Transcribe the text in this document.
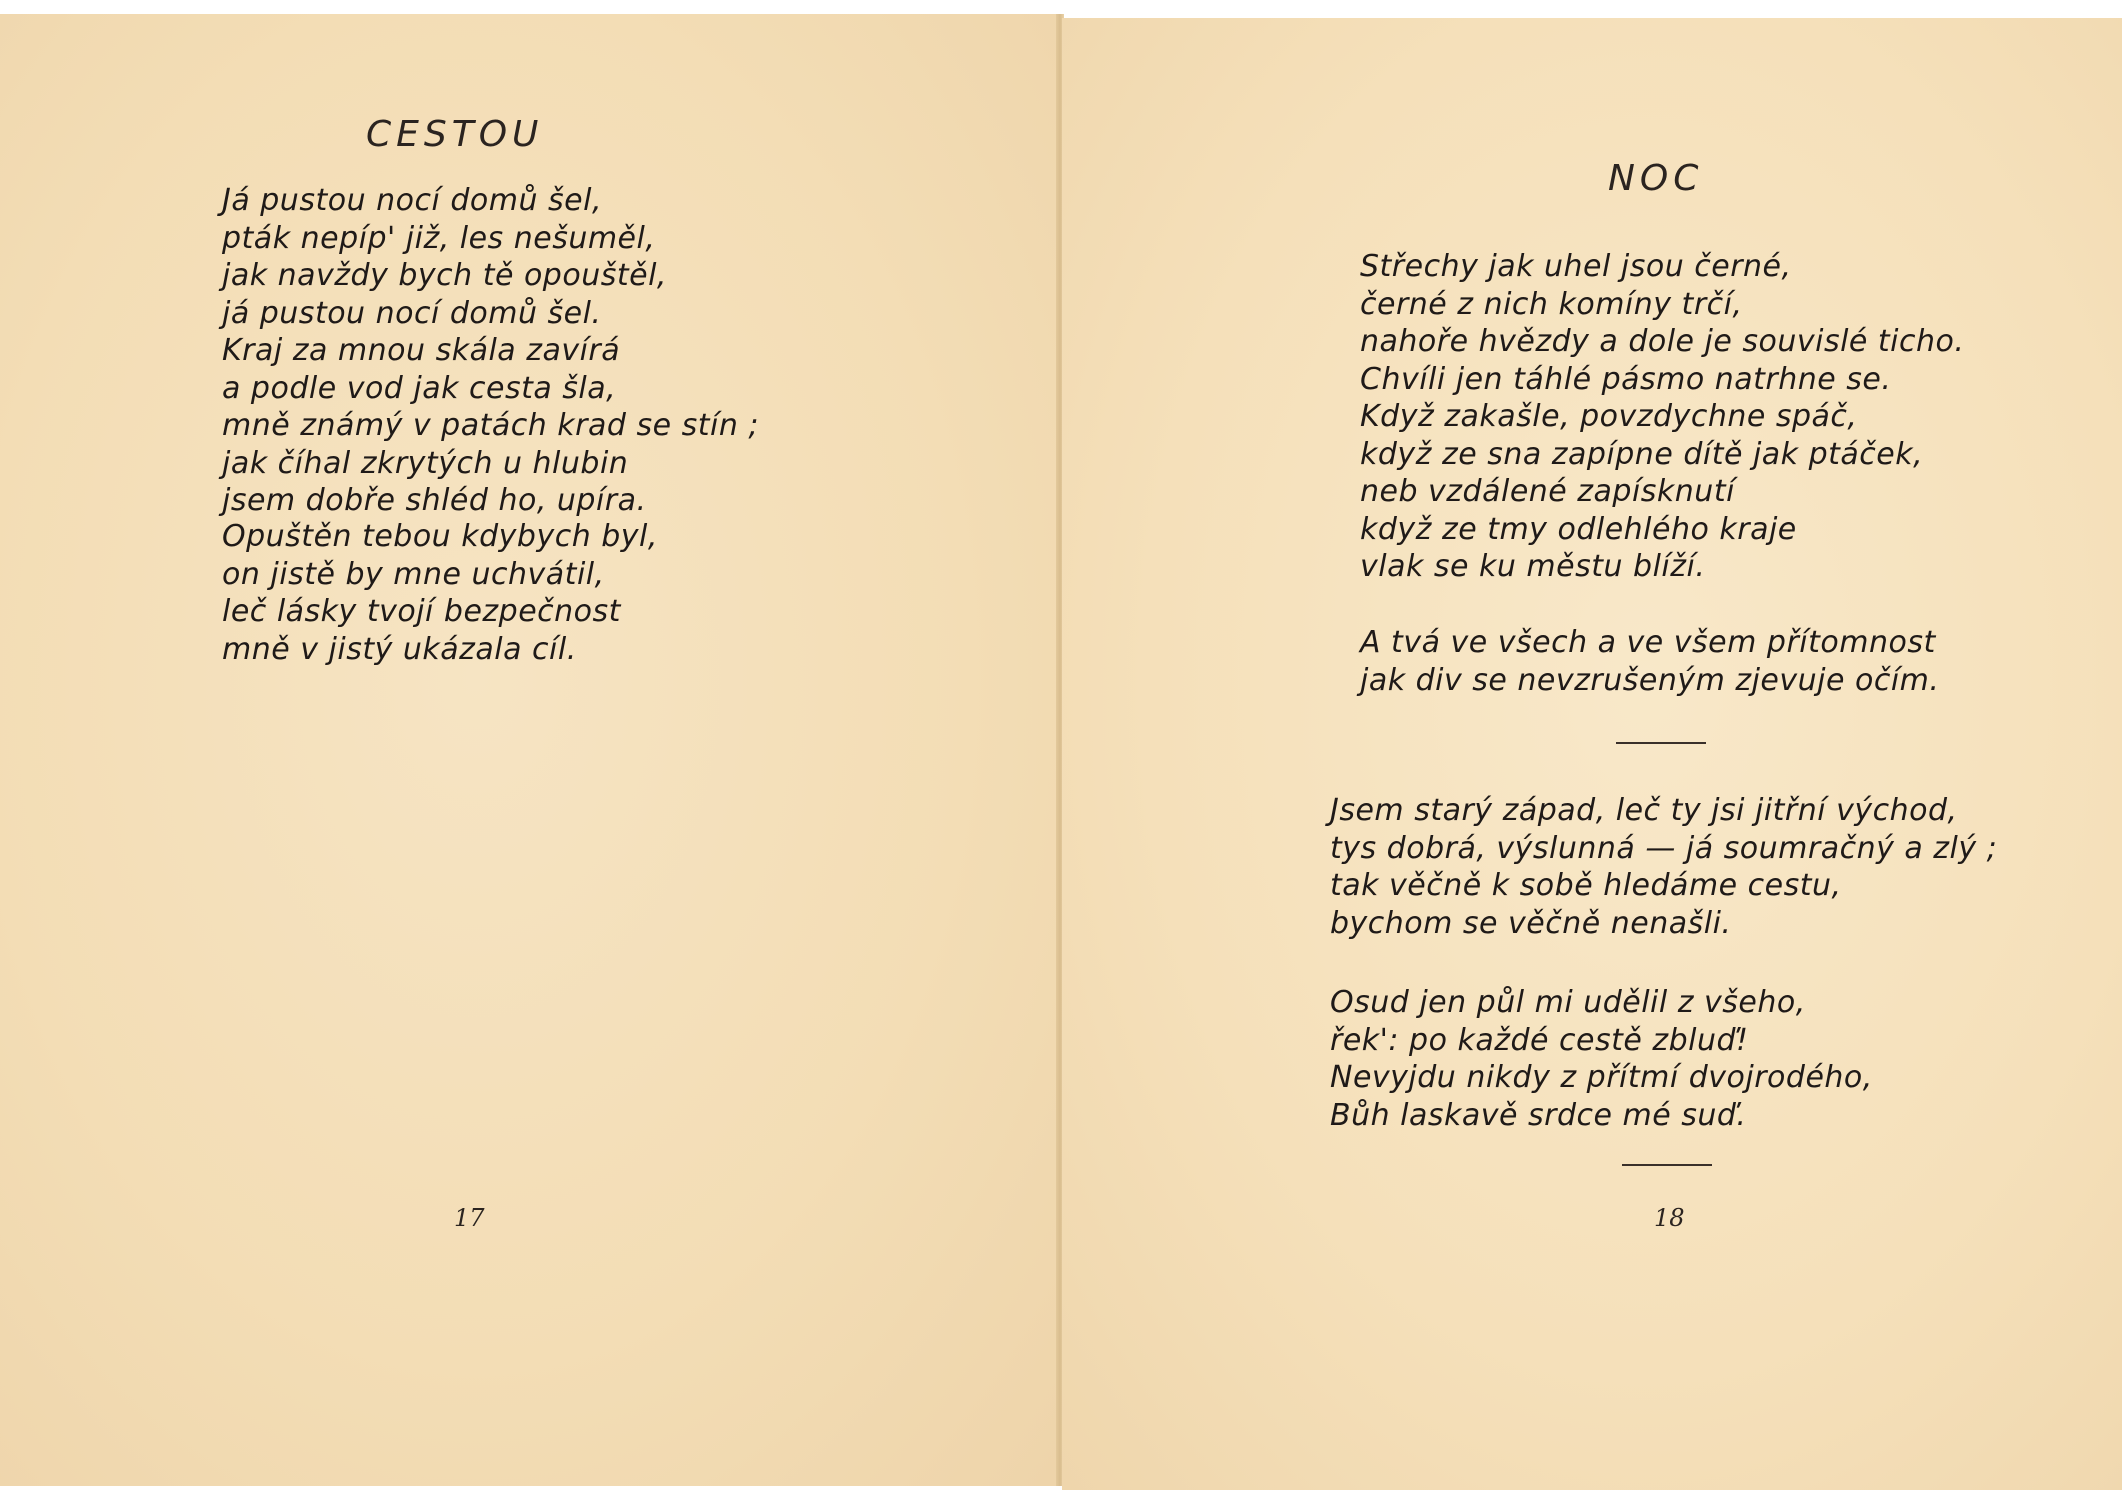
CESTOU
Já pustou nocí domů šel,
pták nepíp' již, les nešuměl,
jak navždy bych tě opouštěl,
já pustou nocí domů šel.
Kraj za mnou skála zavírá
a podle vod jak cesta šla,
mně známý v patách krad se stín ;
jak číhal zkrytých u hlubin
jsem dobře shléd ho, upíra.
Opuštěn tebou kdybych byl,
on jistě by mne uchvátil,
leč lásky tvojí bezpečnost
mně v jistý ukázala cíl.
17
NOC
Střechy jak uhel jsou černé,
černé z nich komíny trčí,
nahoře hvězdy a dole je souvislé ticho.
Chvíli jen táhlé pásmo natrhne se.
Když zakašle, povzdychne spáč,
když ze sna zapípne dítě jak ptáček,
neb vzdálené zapísknutí
když ze tmy odlehlého kraje
vlak se ku městu blíží.
A tvá ve všech a ve všem přítomnost
jak div se nevzrušeným zjevuje očím.
Jsem starý západ, leč ty jsi jitřní východ,
tys dobrá, výslunná — já soumračný a zlý ;
tak věčně k sobě hledáme cestu,
bychom se věčně nenašli.
Osud jen půl mi udělil z všeho,
řek': po každé cestě zbluď!
Nevyjdu nikdy z přítmí dvojrodého,
Bůh laskavě srdce mé suď.
18
